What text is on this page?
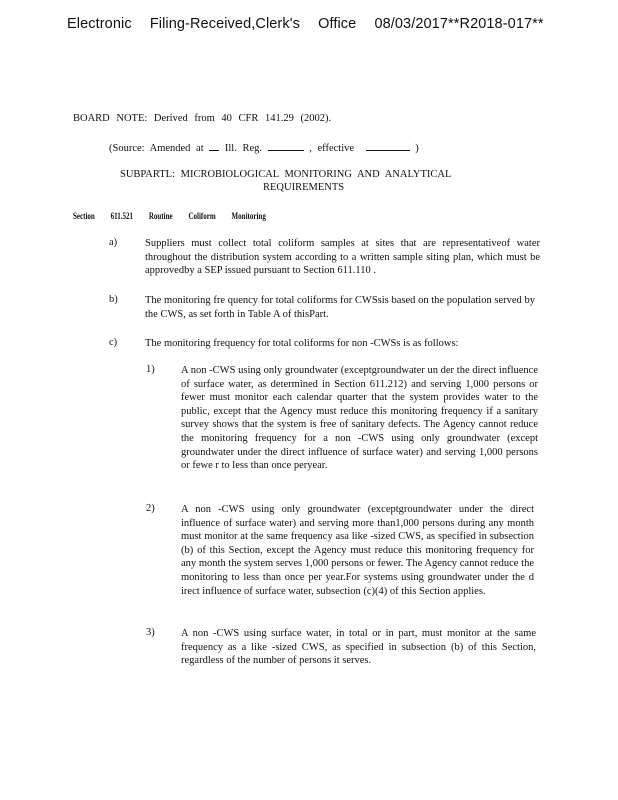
Electronic Filing-Received,Clerk's Office 08/03/2017**R2018-017**
BOARD NOTE: Derived from 40 CFR 141.29 (2002).
(Source: Amended at Ill. Reg.	, effective	)
SUBPARTL: MICROBIOLOGICAL MONITORING AND ANALYTICAL
REQUIREMENTS
Section 611.521 Routine Coliform Monitoring
a)	Suppliers must collect total coliform samples at sites that are representativeof water throughout the distribution system according to a written sample siting plan, which must be approvedby a SEP issued pursuant to Section 611.110 .
b)	The monitoring fre quency for total coliforms for CWSsis based on the population served by the CWS, as set forth in Table A of thisPart.
c)	The monitoring frequency for total coliforms for non -CWSs is as follows:
1)	A non -CWS using only groundwater (exceptgroundwater un der the direct influence of surface water, as determined in Section 611.212) and serving 1,000 persons or fewer must monitor each calendar quarter that the system provides water to the public, except that the Agency must reduce this monitoring frequency if a sanitary survey shows that the system is free of sanitary defects. The Agency cannot reduce the monitoring frequency for a non -CWS using only groundwater (except groundwater under the direct influence of surface water) and serving 1,000 persons or fewe r to less than once peryear.
2)	A non -CWS using only groundwater (exceptgroundwater under the direct influence of surface water) and serving more than1,000 persons during any month must monitor at the same frequency asa like -sized CWS, as specified in subsection (b) of this Section, except the Agency must reduce this monitoring frequency for any month the system serves 1,000 persons or fewer. The Agency cannot reduce the monitoring to less than once per year.For systems using groundwater under the d irect influence of surface water, subsection (c)(4) of this Section applies.
3)	A non -CWS using surface water, in total or in part, must monitor at the same frequency as a like -sized CWS, as specified in subsection (b) of this Section, regardless of the number of persons it serves.
